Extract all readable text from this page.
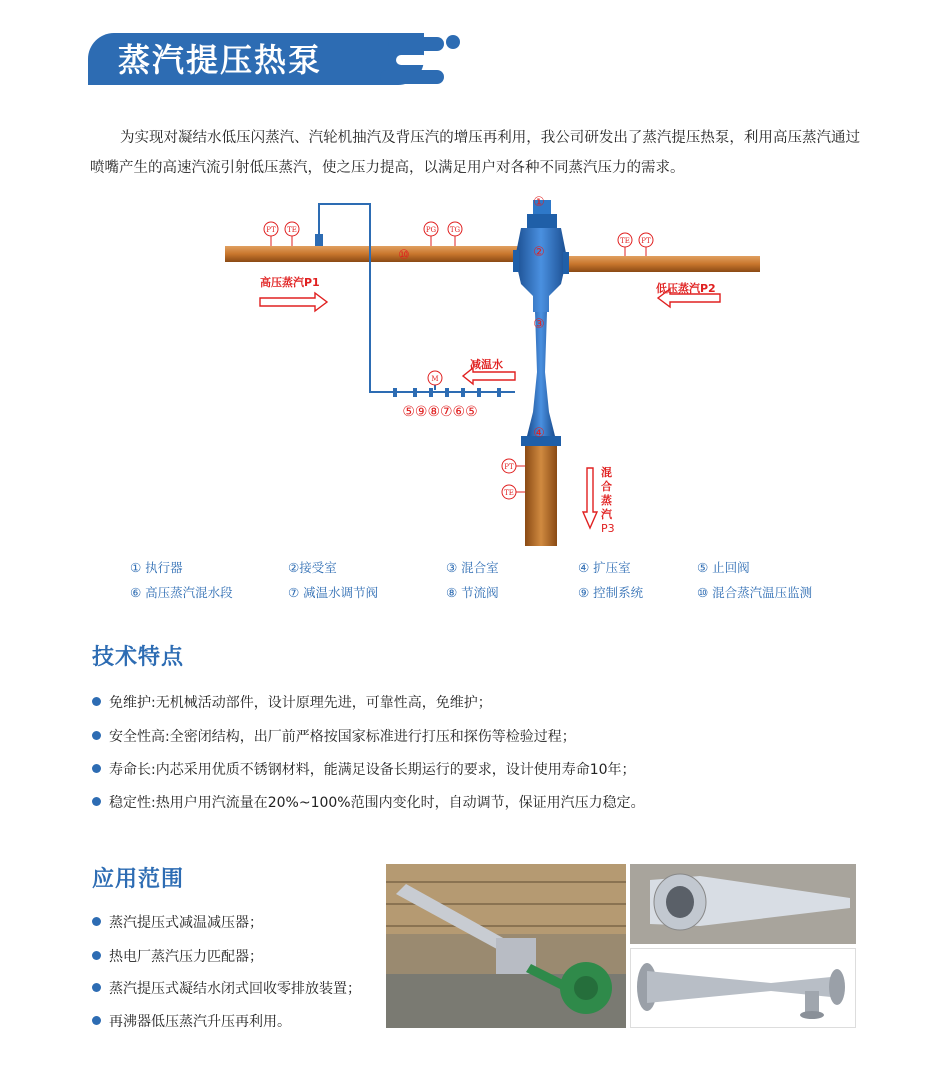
蒸汽提压热泵
为实现对凝结水低压闪蒸汽、汽轮机抽汽及背压汽的增压再利用，我公司研发出了蒸汽提压热泵，利用高压蒸汽通过喷嘴产生的高速汽流引射低压蒸汽，使之压力提高，以满足用户对各种不同蒸汽压力的需求。
PT TE	PG TG
TE PT
PT
TE
M
⑩
①
②
③
④
⑤⑨⑧⑦⑥⑤
高压蒸汽P1	低压蒸汽P2
减温水
混
合
蒸
汽
P3
① 执行器	②接受室	③ 混合室	④ 扩压室	⑤ 止回阀
⑥ 高压蒸汽混水段	⑦ 减温水调节阀	⑧ 节流阀	⑨ 控制系统	⑩ 混合蒸汽温压监测
技术特点
免维护:无机械活动部件，设计原理先进，可靠性高，免维护；
安全性高:全密闭结构，出厂前严格按国家标准进行打压和探伤等检验过程；
寿命长:内芯采用优质不锈钢材料，能满足设备长期运行的要求，设计使用寿命10年；
稳定性:热用户用汽流量在20%~100%范围内变化时，自动调节，保证用汽压力稳定。
应用范围
蒸汽提压式减温减压器；
热电厂蒸汽压力匹配器；
蒸汽提压式凝结水闭式回收零排放装置；
再沸器低压蒸汽升压再利用。
